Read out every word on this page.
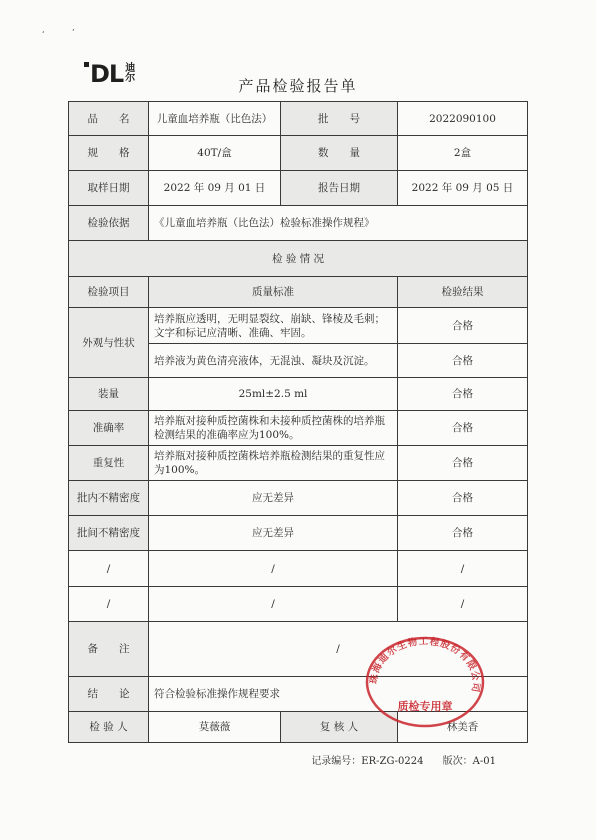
‘	’
DL 迪
尔	产品检验报告单
品　　名	儿童血培养瓶（比色法）	批　　号	2022090100
规　　格	40T/盒	数　　量	2盒
取样日期	2022 年 09 月 01 日	报告日期	2022 年 09 月 05 日
检验依据	《儿童血培养瓶（比色法）检验标准操作规程》		
检 验 情 况			
检验项目	质量标准		检验结果
外观与性状	培养瓶应透明，无明显裂纹、崩缺、锋棱及毛刺；文字和标记应清晰、准确、牢固。		合格
	培养液为黄色清亮液体，无混浊、凝块及沉淀。		合格
装量	25ml±2.5 ml		合格
准确率	培养瓶对接种质控菌株和未接种质控菌株的培养瓶检测结果的准确率应为100%。		合格
重复性	培养瓶对接种质控菌株培养瓶检测结果的重复性应为100%。		合格
批内不精密度	应无差异		合格
批间不精密度	应无差异		合格
/	/		/
/	/		/
备　　注	/		
结　　论	符合检验标准操作规程要求		
检 验 人	莫薇薇	复 核 人	林美香
珠海迪尔生物工程股份有限公司
质检专用章
记录编号：ER-ZG-0224 版次：A-01
